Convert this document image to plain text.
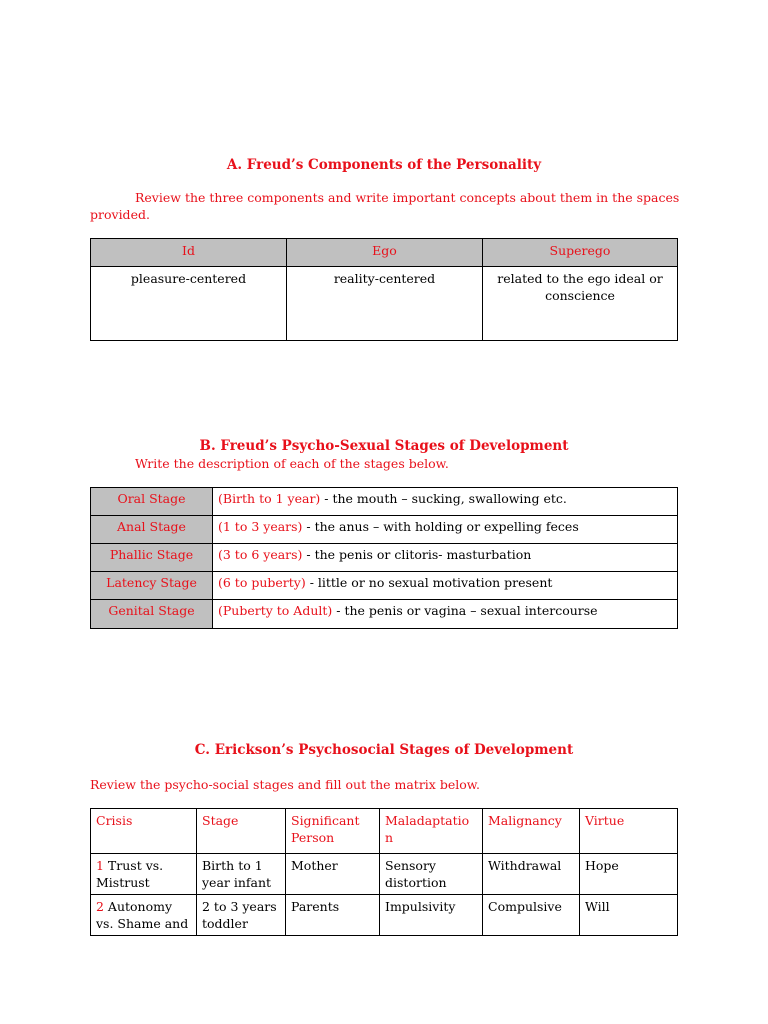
A. Freud’s Components of the Personality
Review the three components and write important concepts about them in the spaces
provided.
Id	Ego	Superego
pleasure-centered	reality-centered	related to the ego ideal or conscience
B. Freud’s Psycho-Sexual Stages of Development
Write the description of each of the stages below.
Oral Stage	(Birth to 1 year) - the mouth – sucking, swallowing etc.
Anal Stage	(1 to 3 years) - the anus – with holding or expelling feces
Phallic Stage	(3 to 6 years) - the penis or clitoris- masturbation
Latency Stage	(6 to puberty) - little or no sexual motivation present
Genital Stage	(Puberty to Adult) - the penis or vagina – sexual intercourse
C. Erickson’s Psychosocial Stages of Development
Review the psycho-social stages and fill out the matrix below.
Crisis	Stage	Significant Person	Maladaptation	Malignancy	Virtue
1 Trust vs. Mistrust	Birth to 1 year infant	Mother	Sensory distortion	Withdrawal	Hope
2 Autonomy vs. Shame and	2 to 3 years toddler	Parents	Impulsivity	Compulsive	Will
